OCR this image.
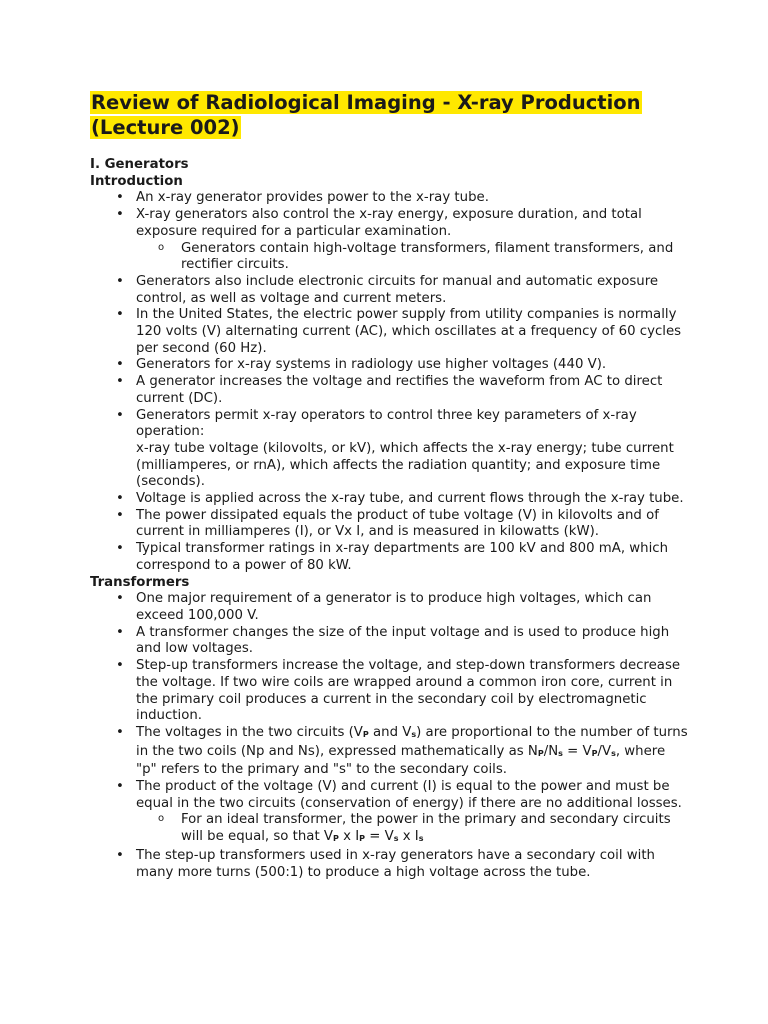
Review of Radiological Imaging - X-ray Production
(Lecture 002)

I. Generators

Introduction

• An x-ray generator provides power to the x-ray tube.
• X-ray generators also control the x-ray energy, exposure duration, and total exposure required for a particular examination.
o Generators contain high-voltage transformers, filament transformers, and rectifier circuits.
• Generators also include electronic circuits for manual and automatic exposure control, as well as voltage and current meters.
• In the United States, the electric power supply from utility companies is normally 120 volts (V) alternating current (AC), which oscillates at a frequency of 60 cycles per second (60 Hz).
• Generators for x-ray systems in radiology use higher voltages (440 V).
• A generator increases the voltage and rectifies the waveform from AC to direct current (DC).
• Generators permit x-ray operators to control three key parameters of x-ray operation:
x-ray tube voltage (kilovolts, or kV), which affects the x-ray energy; tube current (milliamperes, or rnA), which affects the radiation quantity; and exposure time (seconds).
• Voltage is applied across the x-ray tube, and current flows through the x-ray tube.
• The power dissipated equals the product of tube voltage (V) in kilovolts and of current in milliamperes (I), or Vx I, and is measured in kilowatts (kW).
• Typical transformer ratings in x-ray departments are 100 kV and 800 mA, which correspond to a power of 80 kW.

Transformers

• One major requirement of a generator is to produce high voltages, which can exceed 100,000 V.
• A transformer changes the size of the input voltage and is used to produce high and low voltages.
• Step-up transformers increase the voltage, and step-down transformers decrease the voltage. If two wire coils are wrapped around a common iron core, current in the primary coil produces a current in the secondary coil by electromagnetic induction.
• The voltages in the two circuits ($V_P$ and $V_s$) are proportional to the number of turns in the two coils (Np and Ns), expressed mathematically as $N_P/N_s = V_P/V_s$, where "p" refers to the primary and "s" to the secondary coils.
• The product of the voltage (V) and current (I) is equal to the power and must be equal in the two circuits (conservation of energy) if there are no additional losses.
o For an ideal transformer, the power in the primary and secondary circuits will be equal, so that $V_P$ x $I_P = V_s$ x $I_s$
• The step-up transformers used in x-ray generators have a secondary coil with many more turns (500:1) to produce a high voltage across the tube.
